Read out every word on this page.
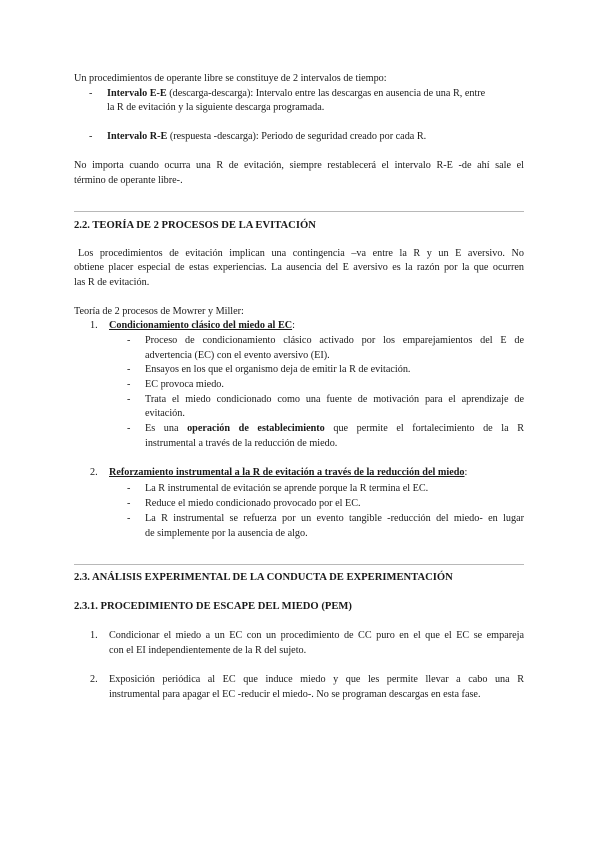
Un procedimientos de operante libre se constituye de 2 intervalos de tiempo:
- Intervalo E-E (descarga-descarga): Intervalo entre las descargas en ausencia de una R, entre
la R de evitación y la siguiente descarga programada.
- Intervalo R-E (respuesta -descarga): Periodo de seguridad creado por cada R.
No importa cuando ocurra una R de evitación, siempre restablecerá el intervalo R-E -de ahí sale el
término de operante libre-.
2.2. TEORÍA DE 2 PROCESOS DE LA EVITACIÓN
Los procedimientos de evitación implican una contingencia –va entre la R y un E aversivo. No
obtiene placer especial de estas experiencias. La ausencia del E aversivo es la razón por la que ocurren
las R de evitación.
Teoría de 2 procesos de Mowrer y Miller:
1. Condicionamiento clásico del miedo al EC:
- Proceso de condicionamiento clásico activado por los emparejamientos del E de
advertencia (EC) con el evento aversivo (EI).
- Ensayos en los que el organismo deja de emitir la R de evitación.
- EC provoca miedo.
- Trata el miedo condicionado como una fuente de motivación para el aprendizaje de
evitación.
- Es una operación de establecimiento que permite el fortalecimiento de la R
instrumental a través de la reducción de miedo.
2. Reforzamiento instrumental a la R de evitación a través de la reducción del miedo:
- La R instrumental de evitación se aprende porque la R termina el EC.
- Reduce el miedo condicionado provocado por el EC.
- La R instrumental se refuerza por un evento tangible -reducción del miedo- en lugar
de simplemente por la ausencia de algo.
2.3. ANÁLISIS EXPERIMENTAL DE LA CONDUCTA DE EXPERIMENTACIÓN
2.3.1. PROCEDIMIENTO DE ESCAPE DEL MIEDO (PEM)
1. Condicionar el miedo a un EC con un procedimiento de CC puro en el que el EC se empareja
con el EI independientemente de la R del sujeto.
2. Exposición periódica al EC que induce miedo y que les permite llevar a cabo una R
instrumental para apagar el EC -reducir el miedo-. No se programan descargas en esta fase.
